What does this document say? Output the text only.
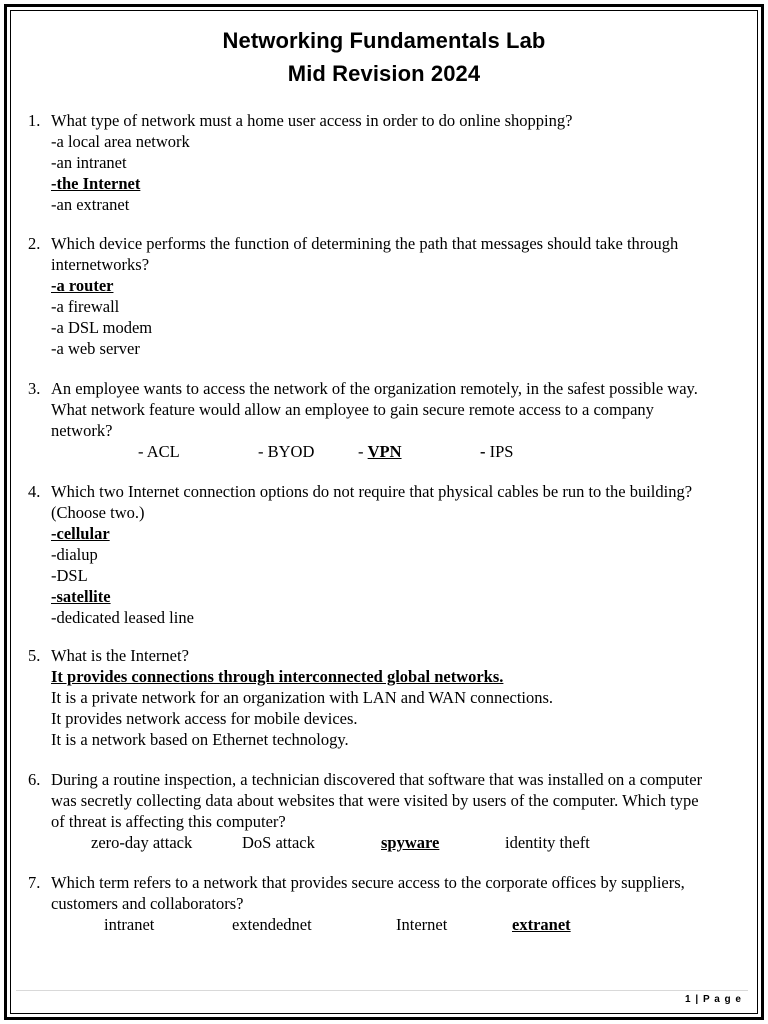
Networking Fundamentals Lab
Mid Revision 2024
1. What type of network must a home user access in order to do online shopping?
-a local area network
-an intranet
-the Internet
-an extranet
2. Which device performs the function of determining the path that messages should take through
internetworks?
-a router
-a firewall
-a DSL modem
-a web server
3. An employee wants to access the network of the organization remotely, in the safest possible way.
What network feature would allow an employee to gain secure remote access to a company
network?
- ACL	- BYOD	- VPN	- IPS
4. Which two Internet connection options do not require that physical cables be run to the building?
(Choose two.)
-cellular
-dialup
-DSL
-satellite
-dedicated leased line
5. What is the Internet?
It provides connections through interconnected global networks.
It is a private network for an organization with LAN and WAN connections.
It provides network access for mobile devices.
It is a network based on Ethernet technology.
6. During a routine inspection, a technician discovered that software that was installed on a computer
was secretly collecting data about websites that were visited by users of the computer. Which type
of threat is affecting this computer?
zero-day attack	DoS attack	spyware	identity theft
7. Which term refers to a network that provides secure access to the corporate offices by suppliers,
customers and collaborators?
intranet	extendednet	Internet	extranet
1 | P a g e
